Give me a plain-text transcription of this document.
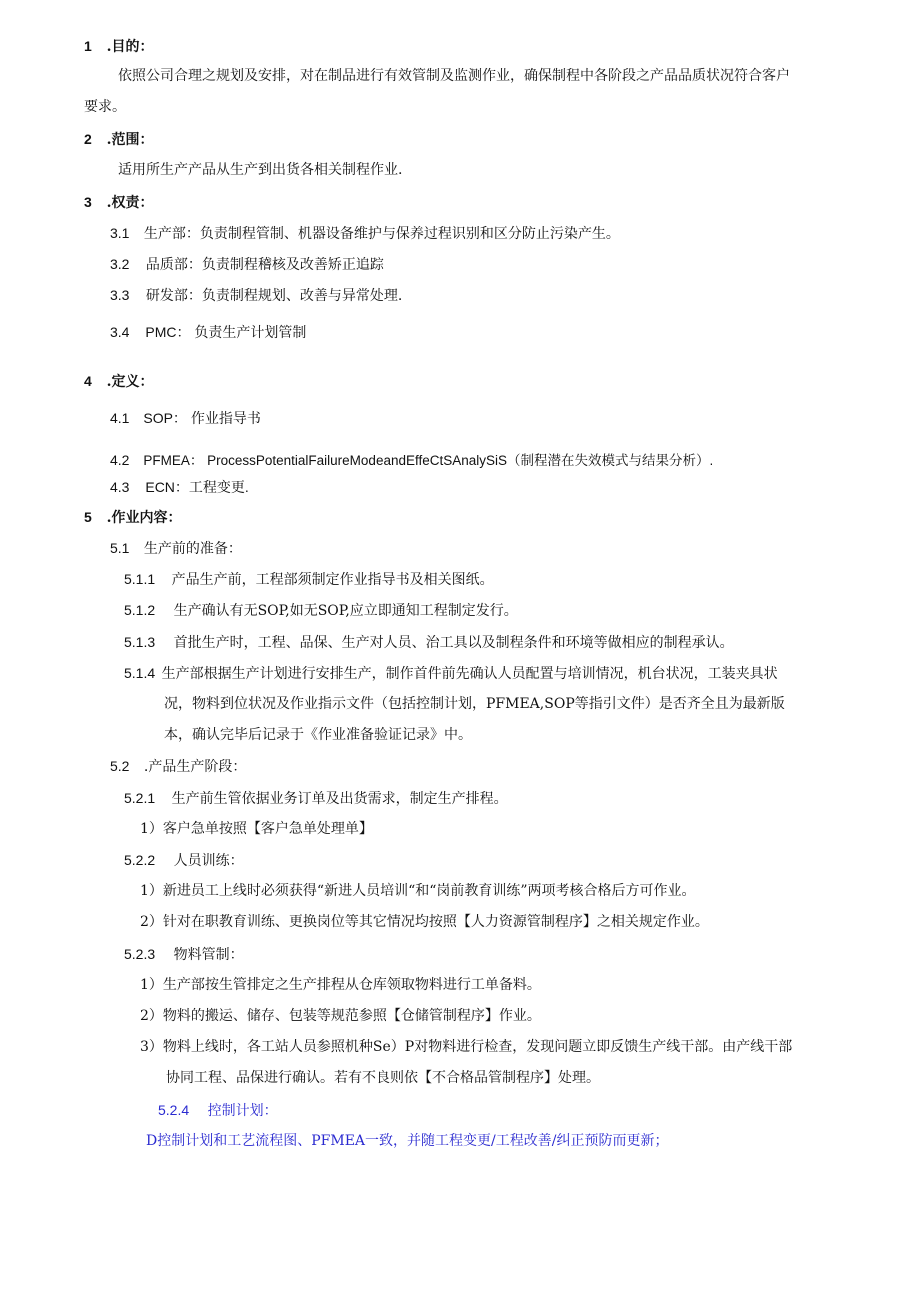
1 .目的：
依照公司合理之规划及安排，对在制品进行有效管制及监测作业，确保制程中各阶段之产品品质状况符合客户
要求。
2 .范围：
适用所生产产品从生产到出货各相关制程作业.
3 .权责：
3.1 生产部：负责制程管制、机器设备维护与保养过程识别和区分防止污染产生。
3.2 品质部：负责制程稽核及改善矫正追踪
3.3 研发部：负责制程规划、改善与异常处理.
3.4 PMC： 负责生产计划管制
4 .定义：
4.1 SOP： 作业指导书
4.2 PFMEA： ProcessPotentialFailureModeandEffeCtSAnalySiS（制程潜在失效模式与结果分析）.
4.3 ECN：工程变更.
5 .作业内容：
5.1 生产前的准备：
5.1.1 产品生产前，工程部须制定作业指导书及相关图纸。
5.1.2 生产确认有无SOP,如无SOP,应立即通知工程制定发行。
5.1.3 首批生产时，工程、品保、生产对人员、治工具以及制程条件和环境等做相应的制程承认。
5.1.4 生产部根据生产计划进行安排生产，制作首件前先确认人员配置与培训情况，机台状况，工装夹具状
况，物料到位状况及作业指示文件（包括控制计划，PFMEA,SOP等指引文件）是否齐全且为最新版
本，确认完毕后记录于《作业准备验证记录》中。
5.2 .产品生产阶段：
5.2.1 生产前生管依据业务订单及出货需求，制定生产排程。
1）客户急单按照【客户急单处理单】
5.2.2 人员训练：
1）新进员工上线时必须获得“新进人员培训“和“岗前教育训练”两项考核合格后方可作业。
2）针对在职教育训练、更换岗位等其它情况均按照【人力资源管制程序】之相关规定作业。
5.2.3 物料管制：
1）生产部按生管排定之生产排程从仓库领取物料进行工单备料。
2）物料的搬运、储存、包装等规范参照【仓储管制程序】作业。
3）物料上线时，各工站人员参照机种Se）P对物料进行检查，发现问题立即反馈生产线干部。由产线干部
协同工程、品保进行确认。若有不良则依【不合格品管制程序】处理。
5.2.4 控制计划：
D控制计划和工艺流程图、PFMEA一致，并随工程变更/工程改善/纠正预防而更新；
